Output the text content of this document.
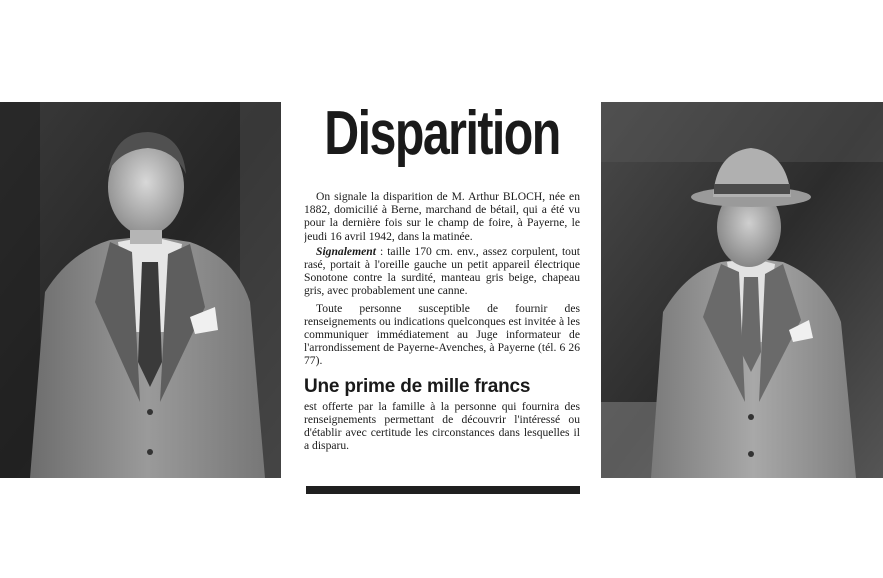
Disparition

On signale la disparition de M. Arthur BLOCH, née en 1882, domicilié à Berne, marchand de bétail, qui a été vu pour la dernière fois sur le champ de foire, à Payerne, le jeudi 16 avril 1942, dans la matinée.

Signalement : taille 170 cm. env., assez corpulent, tout rasé, portait à l'oreille gauche un petit appareil électrique Sonotone contre la surdité, manteau gris beige, chapeau gris, avec probablement une canne.

Toute personne susceptible de fournir des renseignements ou indications quelconques est invitée à les communiquer immédiatement au Juge informateur de l'arrondissement de Payerne-Avenches, à Payerne (tél. 6 26 77).

Une prime de mille francs

est offerte par la famille à la personne qui fournira des renseignements permettant de découvrir l'intéressé ou d'établir avec certitude les circonstances dans lesquelles il a disparu.
